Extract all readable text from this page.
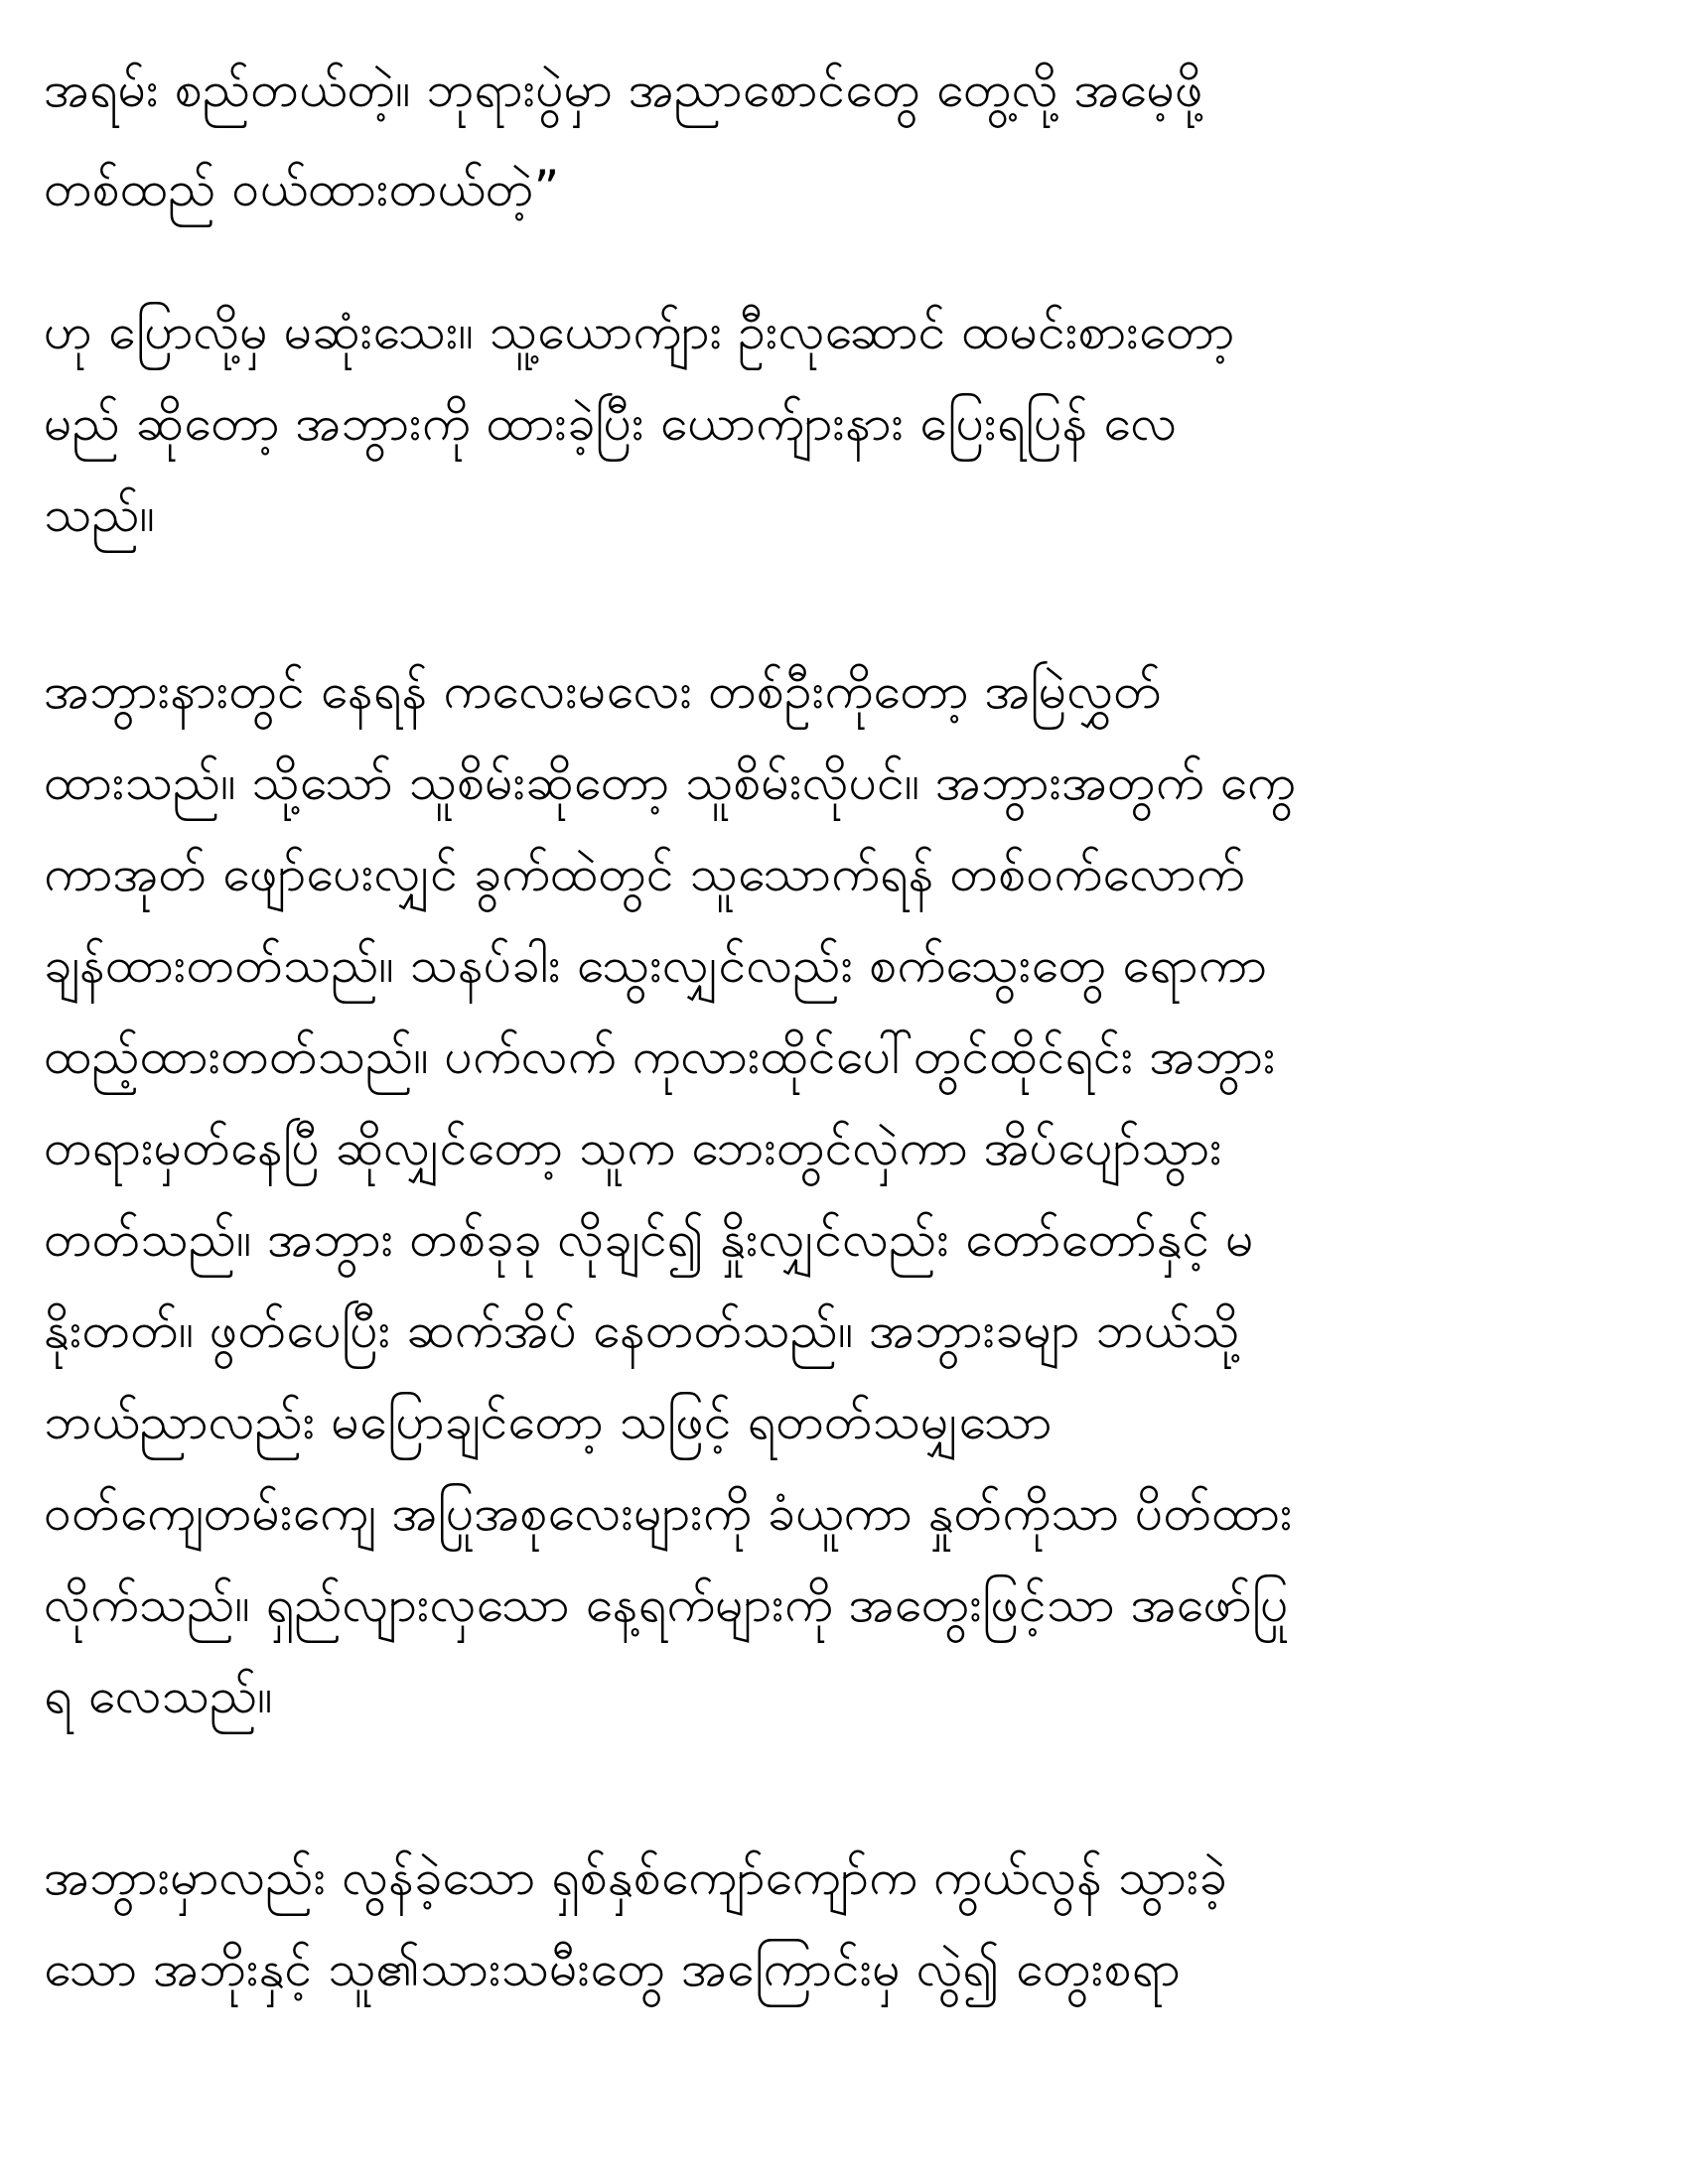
အရမ်း စည်တယ်တဲ့။ ဘုရားပွဲမှာ အညာစောင်တွေ တွေ့လို့ အမေ့ဖို့
တစ်ထည် ဝယ်ထားတယ်တဲ့”
ဟု ပြောလို့မှ မဆုံးသေး။ သူ့ယောက်ျား ဦးလုဆောင် ထမင်းစားတော့
မည် ဆိုတော့ အဘွားကို ထားခဲ့ပြီး ယောက်ျားနား ပြေးရပြန် လေ
သည်။
အဘွားနားတွင် နေရန် ကလေးမလေး တစ်ဦးကိုတော့ အမြဲလွှတ်
ထားသည်။ သို့သော် သူစိမ်းဆိုတော့ သူစိမ်းလိုပင်။ အဘွားအတွက် ကွေ
ကာအုတ် ဖျော်ပေးလျှင် ခွက်ထဲတွင် သူသောက်ရန် တစ်ဝက်လောက်
ချန်ထားတတ်သည်။ သနပ်ခါး သွေးလျှင်လည်း စက်သွေးတွေ ရောကာ
ထည့်ထားတတ်သည်။ ပက်လက် ကုလားထိုင်ပေါ်တွင်ထိုင်ရင်း အဘွား
တရားမှတ်နေပြီ ဆိုလျှင်တော့ သူက ဘေးတွင်လှဲကာ အိပ်ပျော်သွား
တတ်သည်။ အဘွား တစ်ခုခု လိုချင်၍ နှိုးလျှင်လည်း တော်တော်နှင့် မ
နိုးတတ်။ ဖွတ်ပေပြီး ဆက်အိပ် နေတတ်သည်။ အဘွားခမျာ ဘယ်သို့
ဘယ်ညာလည်း မပြောချင်တော့ သဖြင့် ရတတ်သမျှသော
ဝတ်ကျေတမ်းကျေ အပြုအစုလေးများကို ခံယူကာ နှုတ်ကိုသာ ပိတ်ထား
လိုက်သည်။ ရှည်လျားလှသော နေ့ရက်များကို အတွေးဖြင့်သာ အဖော်ပြု
ရ လေသည်။
အဘွားမှာလည်း လွန်ခဲ့သော ရှစ်နှစ်ကျော်ကျော်က ကွယ်လွန် သွားခဲ့
သော အဘိုးနှင့် သူ၏သားသမီးတွေ အကြောင်းမှ လွဲ၍ တွေးစရာ
